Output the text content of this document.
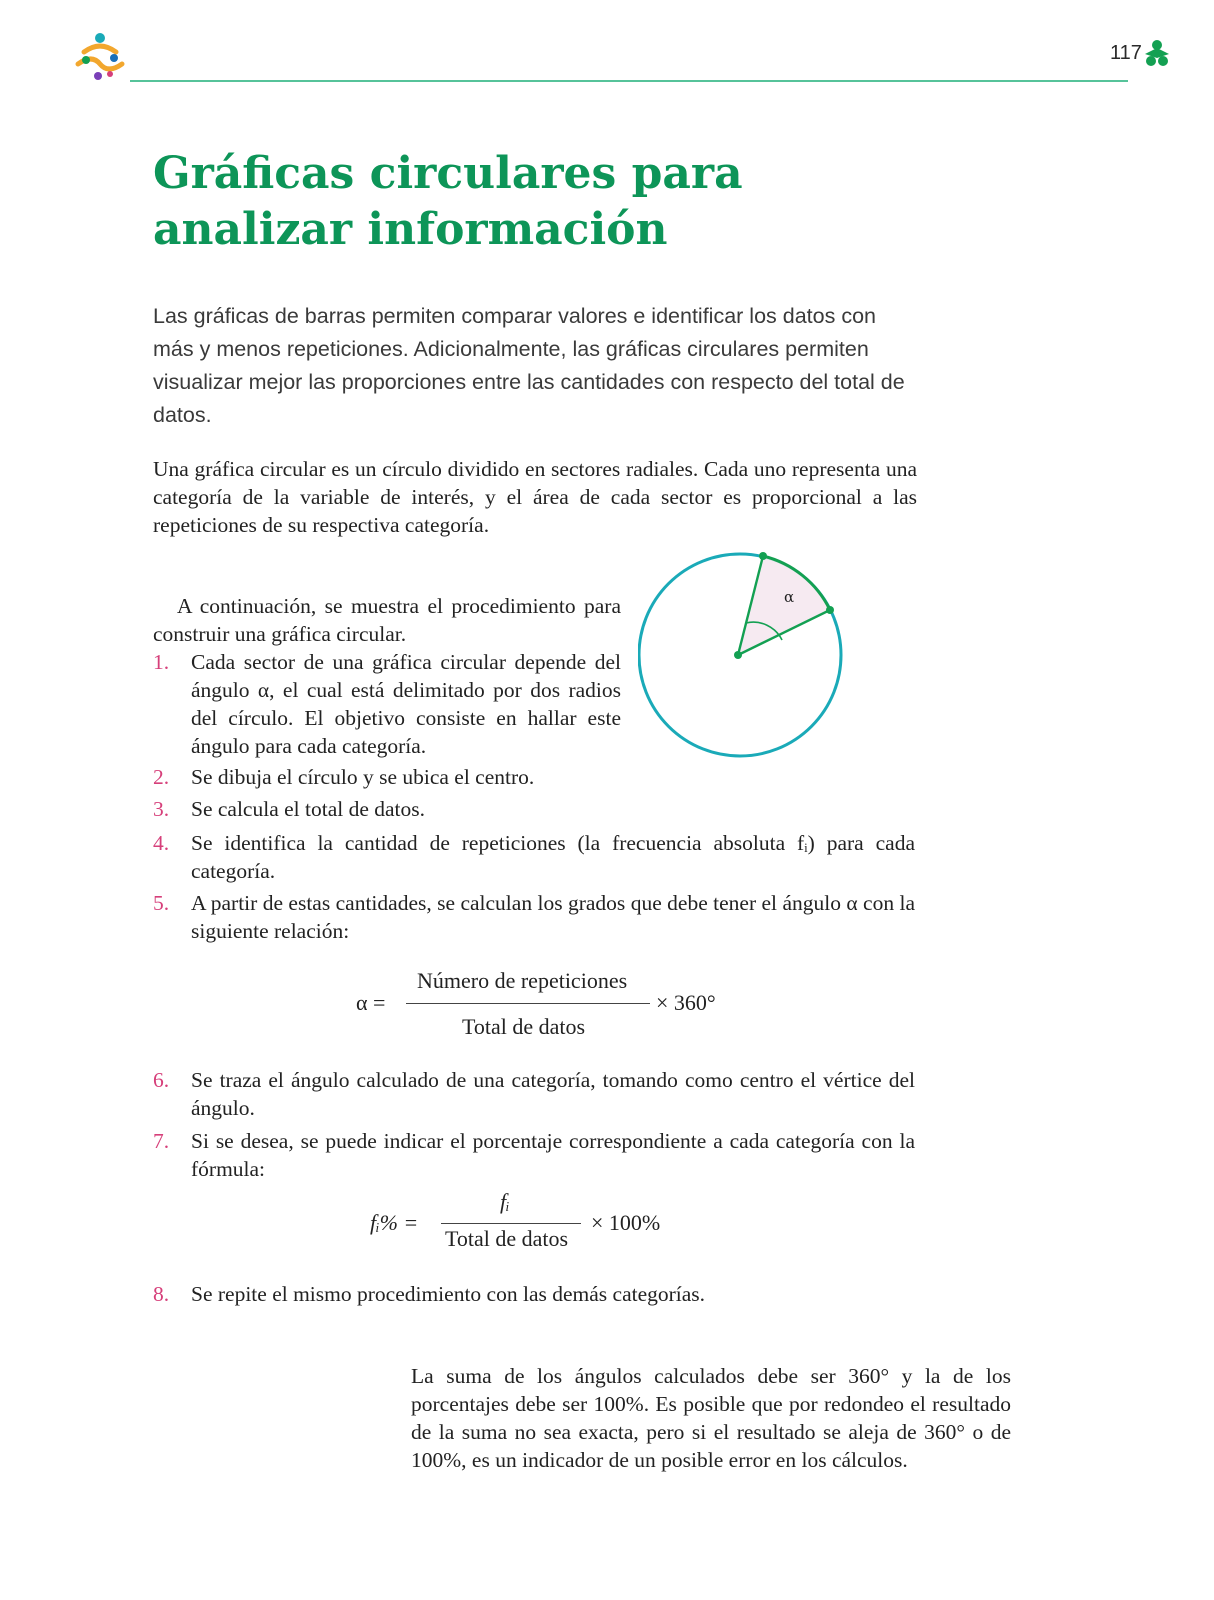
117
Gráficas circulares para analizar información

Las gráficas de barras permiten comparar valores e identificar los datos con más y menos repeticiones. Adicionalmente, las gráficas circulares permiten visualizar mejor las proporciones entre las cantidades con respecto del total de datos.

Una gráfica circular es un círculo dividido en sectores radiales. Cada uno representa una categoría de la variable de interés, y el área de cada sector es proporcional a las repeticiones de su respectiva categoría.

A continuación, se muestra el procedimiento para construir una gráfica circular.

α
1. Cada sector de una gráfica circular depende del ángulo α, el cual está delimitado por dos radios del círculo. El objetivo consiste en hallar este ángulo para cada categoría.
2. Se dibuja el círculo y se ubica el centro.
3. Se calcula el total de datos.
4. Se identifica la cantidad de repeticiones (la frecuencia absoluta fᵢ) para cada categoría.
5. A partir de estas cantidades, se calculan los grados que debe tener el ángulo α con la siguiente relación:
α =
Número de repeticiones
Total de datos
× 360°
6. Se traza el ángulo calculado de una categoría, tomando como centro el vértice del ángulo.
7. Si se desea, se puede indicar el porcentaje correspondiente a cada categoría con la fórmula:
fᵢ% =
fᵢ
Total de datos
× 100%
8. Se repite el mismo procedimiento con las demás categorías.

La suma de los ángulos calculados debe ser 360° y la de los porcentajes debe ser 100%. Es posible que por redondeo el resultado de la suma no sea exacta, pero si el resultado se aleja de 360° o de 100%, es un indicador de un posible error en los cálculos.
